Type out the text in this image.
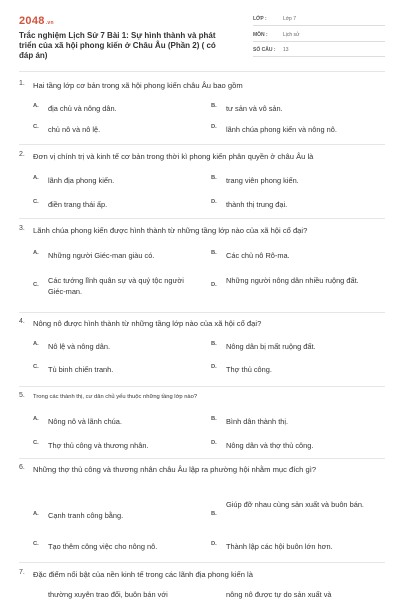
2048.vn
Trắc nghiệm Lịch Sử 7 Bài 1: Sự hình thành và phát triển của xã hội phong kiến ở Châu Âu (Phần 2) ( có đáp án)
LỚP :	Lớp 7
MÔN :	Lịch sử
SỐ CÂU : 13
1. Hai tầng lớp cơ bản trong xã hội phong kiến châu Âu bao gồm
A. địa chủ và nông dân.	B. tư sản và vô sản.
C. chủ nô và nô lệ.	D. lãnh chúa phong kiến và nông nô.
2. Đơn vị chính trị và kinh tế cơ bản trong thời kì phong kiến phân quyền ở châu Âu là
A. lãnh địa phong kiến.	B. trang viên phong kiến.
C. điền trang thái ấp.	D. thành thị trung đại.
3. Lãnh chúa phong kiến được hình thành từ những tầng lớp nào của xã hội cổ đại?
A. Những người Giéc-man giàu có.	B. Các chủ nô Rô-ma.
C. Các tướng lĩnh quân sự và quý tộc người Giéc-man.
D. Những người nông dân nhiều ruộng đất.
4. Nông nô được hình thành từ những tầng lớp nào của xã hội cổ đại?
A. Nô lệ và nông dân.	B. Nông dân bị mất ruộng đất.
C. Tù binh chiến tranh.	D. Thợ thủ công.
5. Trong các thành thị, cư dân chủ yếu thuộc những tầng lớp nào?
A. Nông nô và lãnh chúa.	B. Bình dân thành thị.
C. Thợ thủ công và thương nhân.	D. Nông dân và thợ thủ công.
6. Những thợ thủ công và thương nhân châu Âu lập ra phường hội nhằm mục đích gì?
A. Cạnh tranh công bằng.	B.
Giúp đỡ nhau cùng sản xuất và buôn bán.
C. Tạo thêm công việc cho nông nô.	D. Thành lập các hội buôn lớn hơn.
7. Đặc điểm nổi bật của nền kinh tế trong các lãnh địa phong kiến là
thường xuyên trao đổi, buôn bán với	nông nô được tự do sản xuất và
